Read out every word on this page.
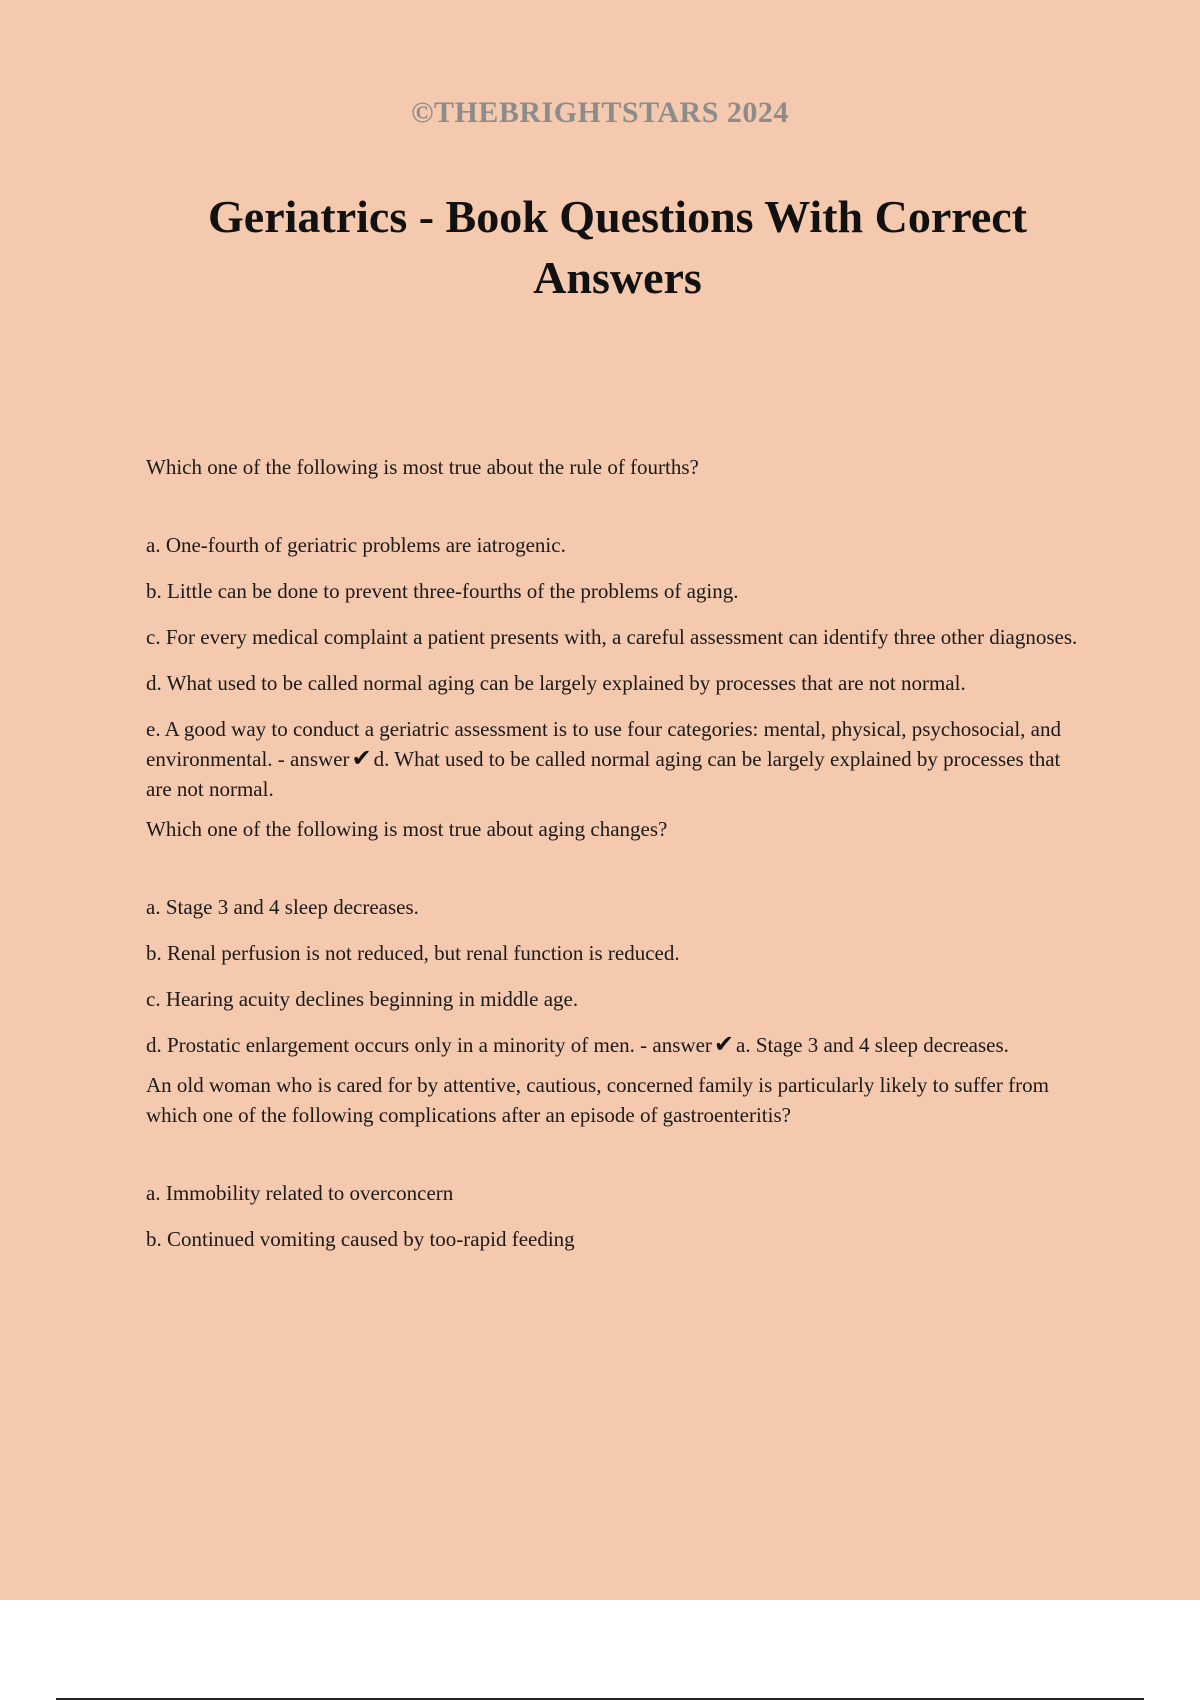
©THEBRIGHTSTARS 2024
Geriatrics - Book Questions With Correct Answers

Which one of the following is most true about the rule of fourths?

a. One-fourth of geriatric problems are iatrogenic.

b. Little can be done to prevent three-fourths of the problems of aging.

c. For every medical complaint a patient presents with, a careful assessment can identify three other diagnoses.

d. What used to be called normal aging can be largely explained by processes that are not normal.

e. A good way to conduct a geriatric assessment is to use four categories: mental, physical, psychosocial, and environmental. - answer✔d. What used to be called normal aging can be largely explained by processes that are not normal.

Which one of the following is most true about aging changes?

a. Stage 3 and 4 sleep decreases.

b. Renal perfusion is not reduced, but renal function is reduced.

c. Hearing acuity declines beginning in middle age.

d. Prostatic enlargement occurs only in a minority of men. - answer✔a. Stage 3 and 4 sleep decreases.

An old woman who is cared for by attentive, cautious, concerned family is particularly likely to suffer from which one of the following complications after an episode of gastroenteritis?

a. Immobility related to overconcern

b. Continued vomiting caused by too-rapid feeding
